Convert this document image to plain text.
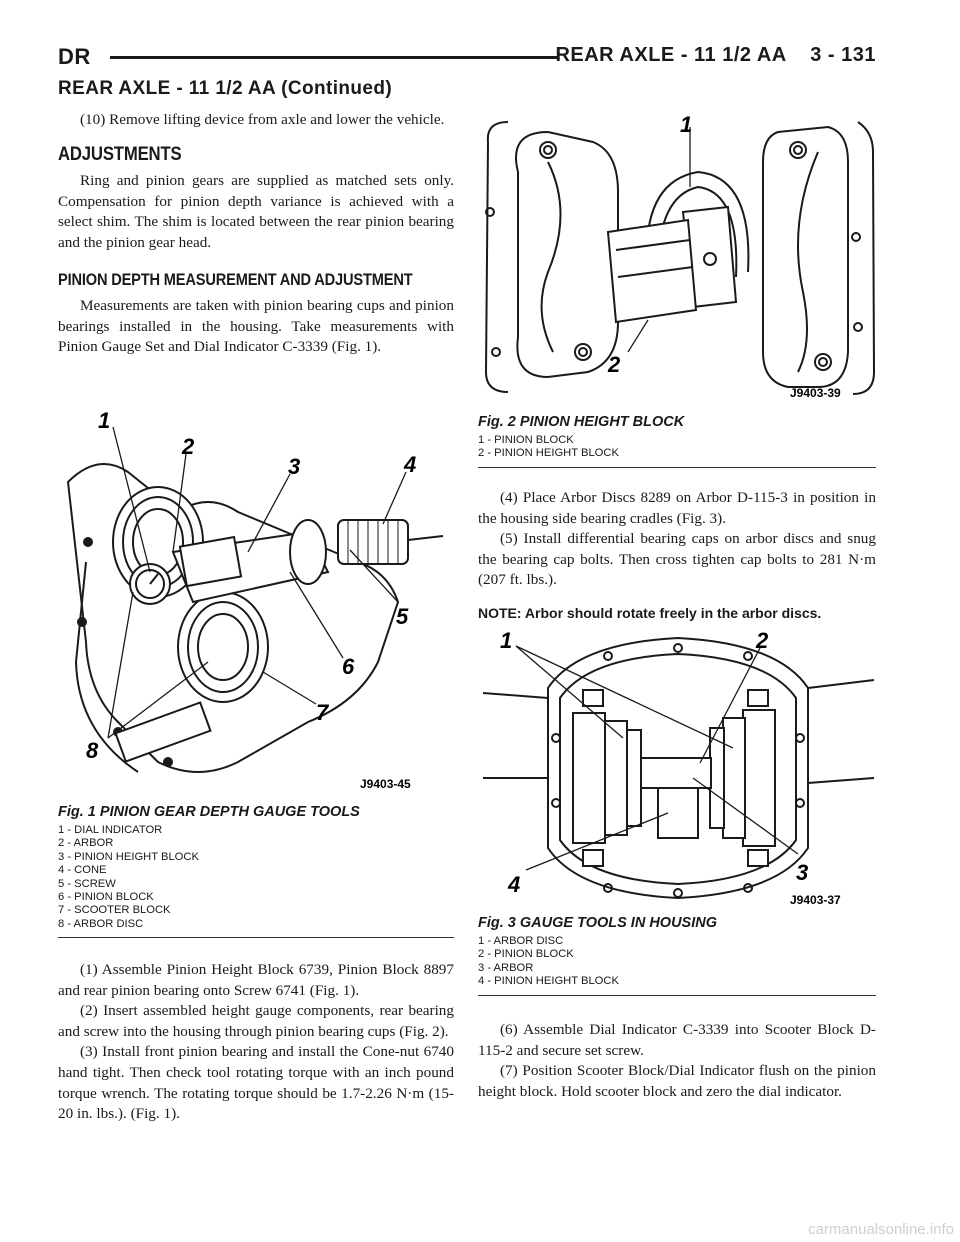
DR	REAR AXLE - 11 1/2 AA    3 - 131
REAR AXLE - 11 1/2 AA (Continued)

(10) Remove lifting device from axle and lower the vehicle.

ADJUSTMENTS

Ring and pinion gears are supplied as matched sets only. Compensation for pinion depth variance is achieved with a select shim. The shim is located between the rear pinion bearing and the pinion gear head.

PINION DEPTH MEASUREMENT AND ADJUSTMENT

Measurements are taken with pinion bearing cups and pinion bearings installed in the housing. Take measurements with Pinion Gauge Set and Dial Indicator C-3339 (Fig. 1).

1
2
3	4
5
6
7
8
J9403-45
Fig. 1 PINION GEAR DEPTH GAUGE TOOLS
1 - DIAL INDICATOR
2 - ARBOR
3 - PINION HEIGHT BLOCK
4 - CONE
5 - SCREW
6 - PINION BLOCK
7 - SCOOTER BLOCK
8 - ARBOR DISC

(1) Assemble Pinion Height Block 6739, Pinion Block 8897 and rear pinion bearing onto Screw 6741 (Fig. 1).

(2) Insert assembled height gauge components, rear bearing and screw into the housing through pinion bearing cups (Fig. 2).

(3) Install front pinion bearing and install the Cone-nut 6740 hand tight. Then check tool rotating torque with an inch pound torque wrench. The rotating torque should be 1.7-2.26 N·m (15-20 in. lbs.). (Fig. 1).

1
2
J9403-39
Fig. 2 PINION HEIGHT BLOCK
1 - PINION BLOCK
2 - PINION HEIGHT BLOCK

(4) Place Arbor Discs 8289 on Arbor D-115-3 in position in the housing side bearing cradles (Fig. 3).

(5) Install differential bearing caps on arbor discs and snug the bearing cap bolts. Then cross tighten cap bolts to 281 N·m (207 ft. lbs.).

NOTE: Arbor should rotate freely in the arbor discs.
1	2
3
4
J9403-37
Fig. 3 GAUGE TOOLS IN HOUSING
1 - ARBOR DISC
2 - PINION BLOCK
3 - ARBOR
4 - PINION HEIGHT BLOCK

(6) Assemble Dial Indicator C-3339 into Scooter Block D-115-2 and secure set screw.

(7) Position Scooter Block/Dial Indicator flush on the pinion height block. Hold scooter block and zero the dial indicator.

carmanualsonline.info
